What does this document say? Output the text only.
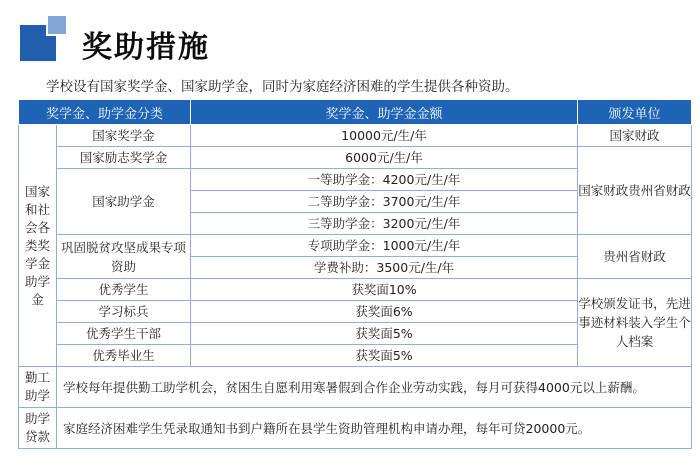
奖助措施
学校设有国家奖学金、国家助学金，同时为家庭经济困难的学生提供各种资助。
奖学金、助学金分类		奖学金、助学金金额	颁发单位
国家和社会各类奖学金助学金	国家奖学金	10000元/生/年	国家财政
	国家励志奖学金	6000元/生/年	国家财政贵州省财政
	国家助学金	一等助学金：4200元/生/年	
		二等助学金：3700元/生/年	
		三等助学金：3200元/生/年	
	巩固脱贫攻坚成果专项资助	专项助学金：1000元/生/年	贵州省财政
		学费补助：3500元/生/年	
	优秀学生	获奖面10%	学校颁发证书，先进事迹材料装入学生个人档案
	学习标兵	获奖面6%	
	优秀学生干部	获奖面5%	
	优秀毕业生	获奖面5%	
勤工助学	学校每年提供勤工助学机会，贫困生自愿利用寒暑假到合作企业劳动实践，每月可获得4000元以上薪酬。		
助学贷款	家庭经济困难学生凭录取通知书到户籍所在县学生资助管理机构申请办理，每年可贷20000元。		
